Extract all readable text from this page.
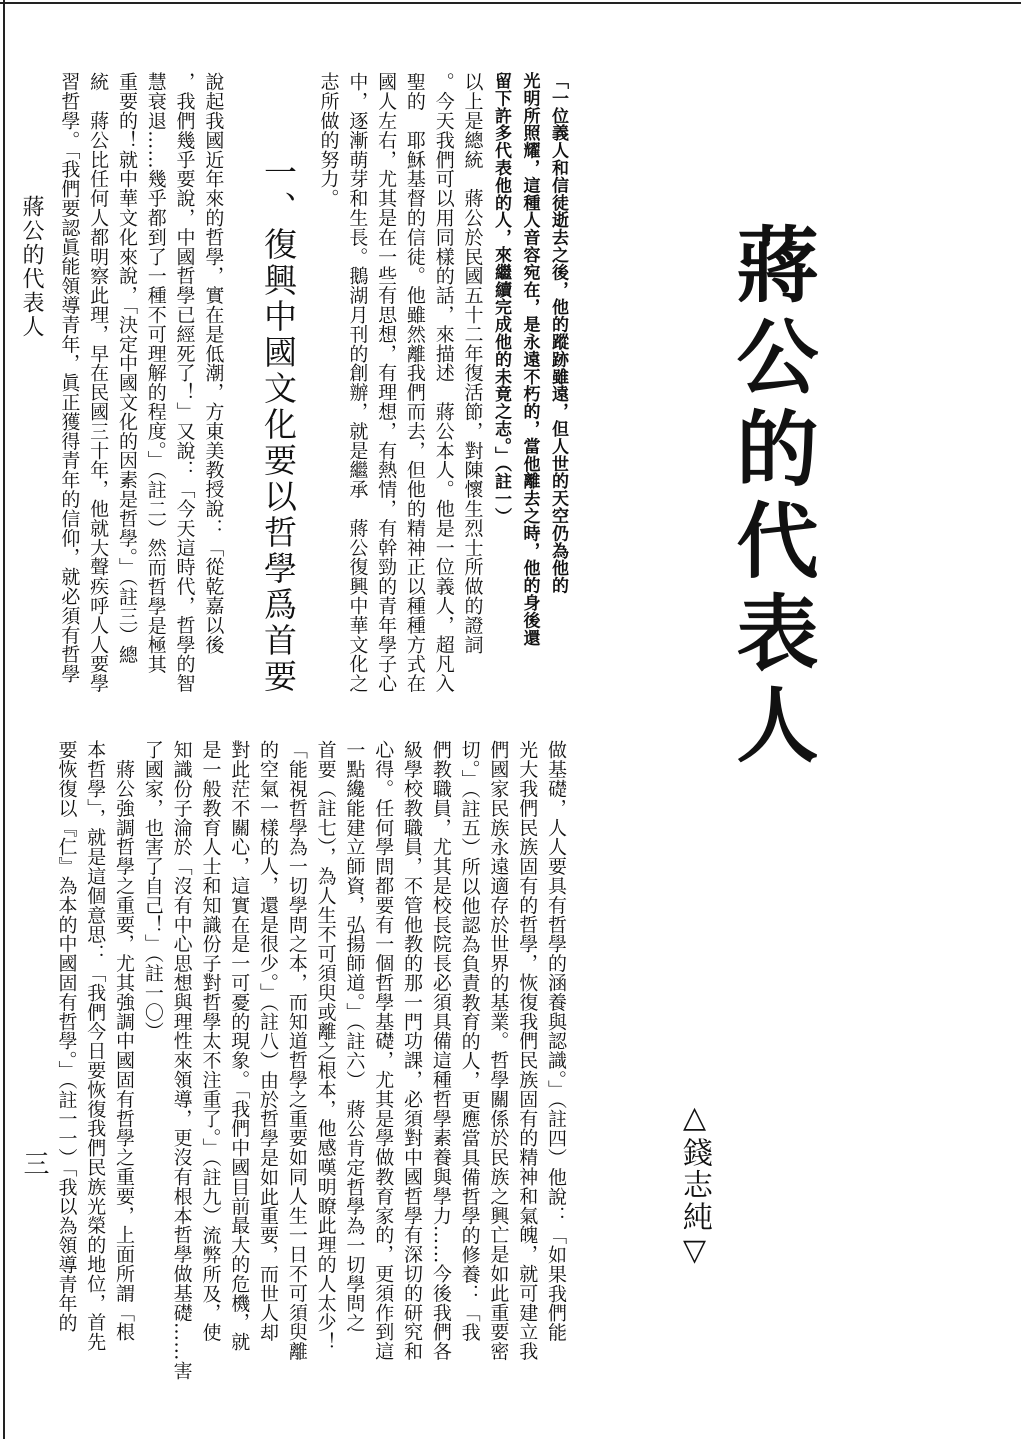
蔣公的代表人
△錢志純▽
一、復興中國文化要以哲學爲首要
蔣公的代表人
三
「一位義人和信徒逝去之後，他的蹤跡雖遠，但人世的天空仍為他的
光明所照耀，這種人音容宛在，是永遠不朽的，當他離去之時，他的身後還
留下許多代表他的人，來繼續完成他的未竟之志。」（註一）
以上是總統　蔣公於民國五十二年復活節，對陳懷生烈士所做的證詞
。今天我們可以用同樣的話，來描述　蔣公本人。他是一位義人，超凡入
聖的　耶穌基督的信徒。他雖然離我們而去，但他的精神正以種種方式在
國人左右，尤其是在一些有思想，有理想，有熱情，有幹勁的青年學子心
中，逐漸萌芽和生長。鵝湖月刊的創辦，就是繼承　蔣公復興中華文化之
志所做的努力。

說起我國近年來的哲學，實在是低潮，方東美教授說：「從乾嘉以後
，我們幾乎要說，中國哲學已經死了！」又說：「今天這時代，哲學的智
慧衰退……幾乎都到了一種不可理解的程度。」（註二）然而哲學是極其
重要的！就中華文化來說，「決定中國文化的因素是哲學。」（註三）總
統　蔣公比任何人都明察此理，早在民國三十年，他就大聲疾呼人人要學
習哲學。「我們要認眞能領導青年，眞正獲得青年的信仰，就必須有哲學
做基礎，人人要具有哲學的涵養與認識。」（註四）他說：「如果我們能
光大我們民族固有的哲學，恢復我們民族固有的精神和氣魄，就可建立我
們國家民族永遠適存於世界的基業。哲學關係於民族之興亡是如此重要密
切。」（註五）所以他認為負責教育的人，更應當具備哲學的修養：「我
們教職員，尤其是校長院長必須具備這種哲學素養與學力……今後我們各
級學校教職員，不管他教的那一門功課，必須對中國哲學有深切的研究和
心得。任何學問都要有一個哲學基礎，尤其是學做教育家的，更須作到這
一點纔能建立師資，弘揚師道。」（註六）　蔣公肯定哲學為一切學問之
首要（註七），為人生不可須臾或離之根本，他感嘆明瞭此理的人太少！
「能視哲學為一切學問之本，而知道哲學之重要如同人生一日不可須臾離
的空氣一樣的人，還是很少。」（註八）由於哲學是如此重要，而世人却
對此茫不關心，這實在是一可憂的現象。「我們中國目前最大的危機，就
是一般教育人士和知識份子對哲學太不注重了。」（註九）流弊所及，使
知識份子淪於「沒有中心思想與理性來領導，更沒有根本哲學做基礎……害
了國家，也害了自己！」（註一〇）
　蔣公強調哲學之重要，尤其強調中國固有哲學之重要，上面所謂「根
本哲學」，就是這個意思：「我們今日要恢復我們民族光榮的地位，首先
要恢復以『仁』為本的中國固有哲學。」（註一一）「我以為領導青年的
